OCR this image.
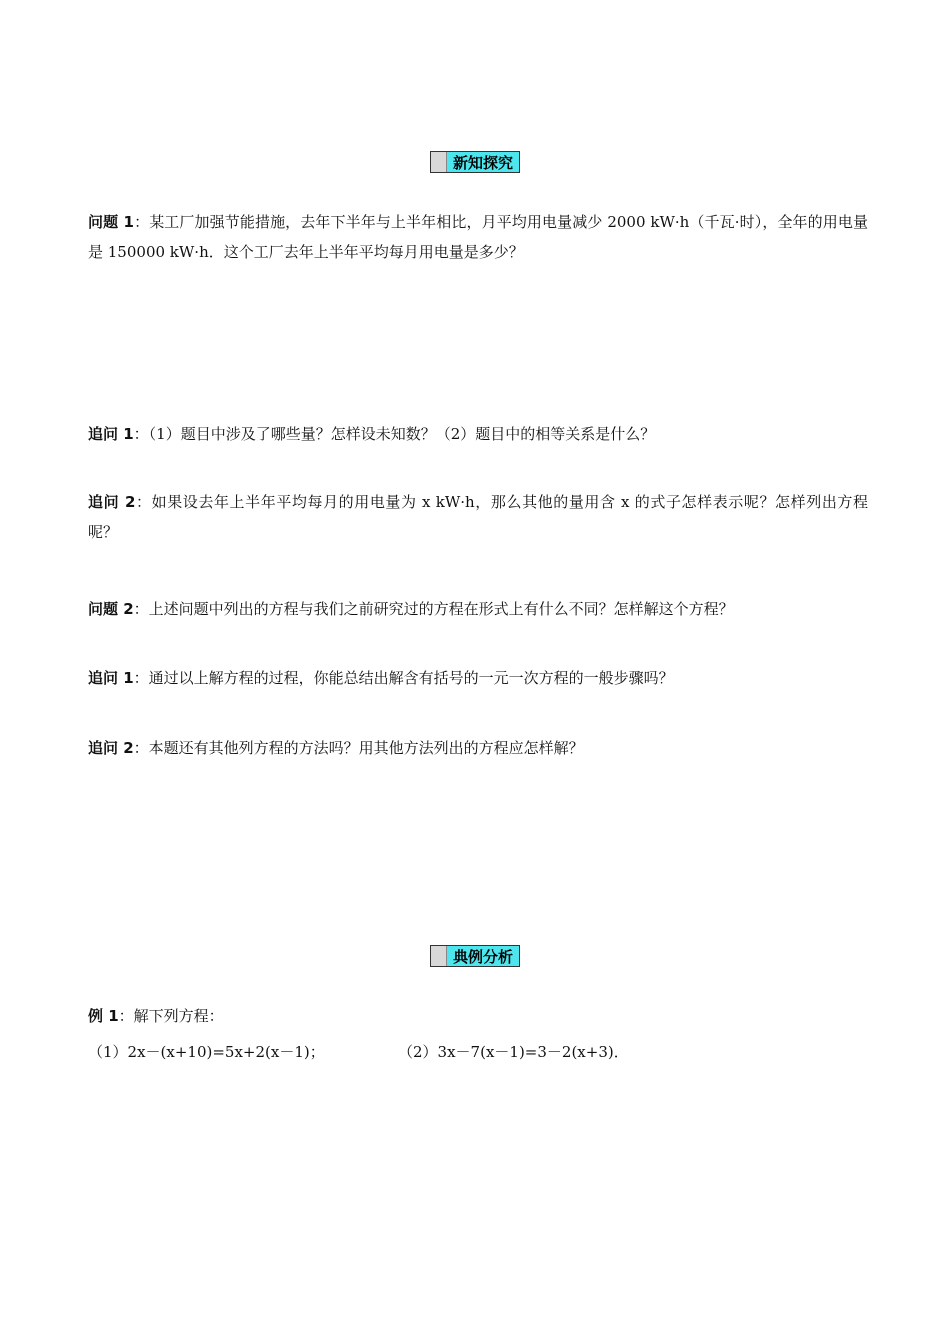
新知探究
问题 1：某工厂加强节能措施，去年下半年与上半年相比，月平均用电量减少 2000 kW·h（千瓦·时），全年的用电量是 150000 kW·h．这个工厂去年上半年平均每月用电量是多少？
追问 1：（1）题目中涉及了哪些量？怎样设未知数？（2）题目中的相等关系是什么？
追问 2：如果设去年上半年平均每月的用电量为 x kW·h，那么其他的量用含 x 的式子怎样表示呢？怎样列出方程呢？
问题 2：上述问题中列出的方程与我们之前研究过的方程在形式上有什么不同？怎样解这个方程？
追问 1：通过以上解方程的过程，你能总结出解含有括号的一元一次方程的一般步骤吗？
追问 2：本题还有其他列方程的方法吗？用其他方法列出的方程应怎样解？
典例分析
例 1：解下列方程：
（1）2x－(x+10)=5x+2(x－1)；	（2）3x－7(x－1)=3－2(x+3)．
